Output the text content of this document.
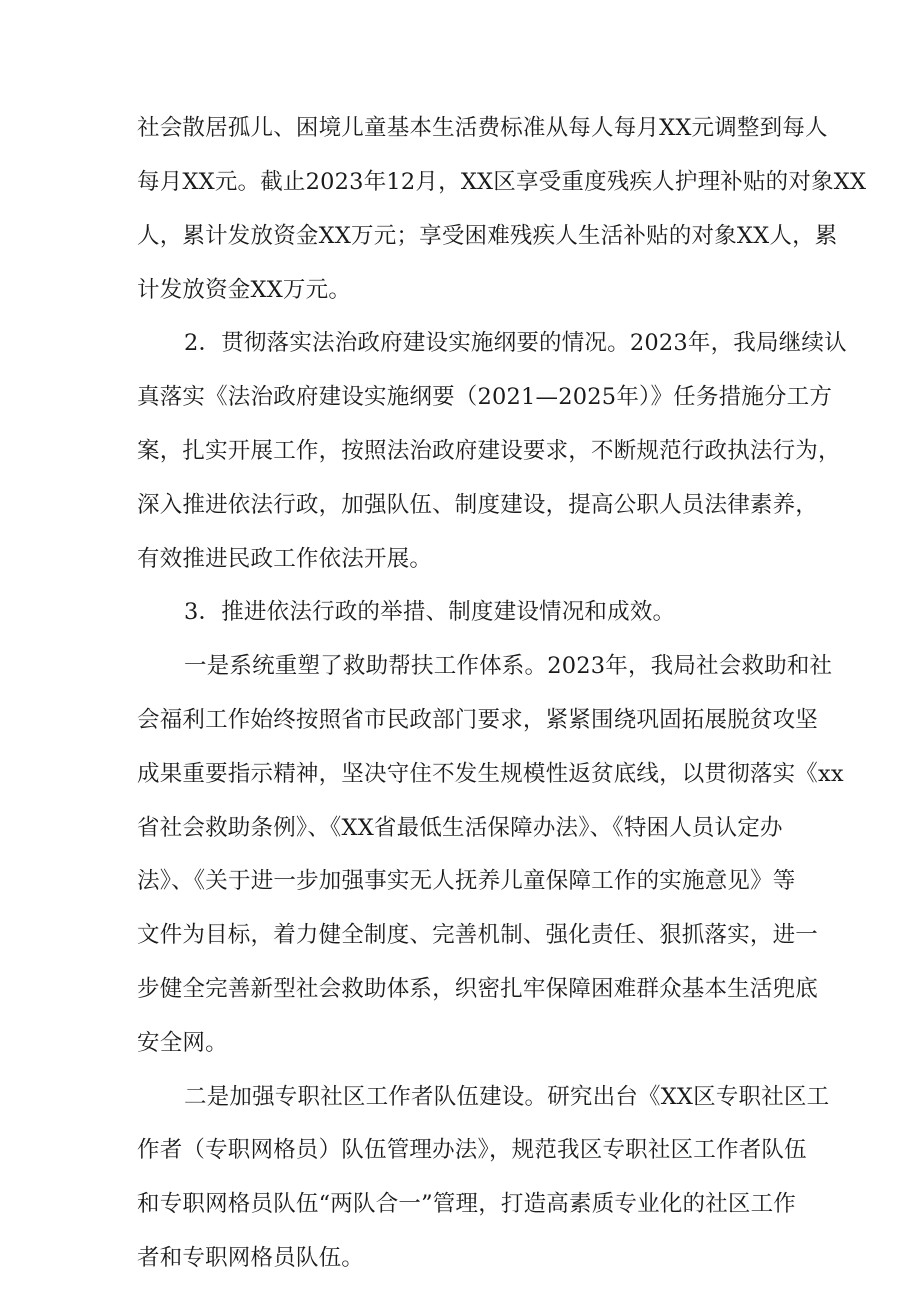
社会散居孤儿、困境儿童基本生活费标准从每人每月XX元调整到每人
每月XX元。截止2023年12月，XX区享受重度残疾人护理补贴的对象XX
人，累计发放资金XX万元；享受困难残疾人生活补贴的对象XX人，累
计发放资金XX万元。
2．贯彻落实法治政府建设实施纲要的情况。2023年，我局继续认
真落实《法治政府建设实施纲要（2021—2025年）》任务措施分工方
案，扎实开展工作，按照法治政府建设要求，不断规范行政执法行为，
深入推进依法行政，加强队伍、制度建设，提高公职人员法律素养，
有效推进民政工作依法开展。
3．推进依法行政的举措、制度建设情况和成效。
一是系统重塑了救助帮扶工作体系。2023年，我局社会救助和社
会福利工作始终按照省市民政部门要求，紧紧围绕巩固拓展脱贫攻坚
成果重要指示精神，坚决守住不发生规模性返贫底线，以贯彻落实《xx
省社会救助条例》、《XX省最低生活保障办法》、《特困人员认定办
法》、《关于进一步加强事实无人抚养儿童保障工作的实施意见》等
文件为目标，着力健全制度、完善机制、强化责任、狠抓落实，进一
步健全完善新型社会救助体系，织密扎牢保障困难群众基本生活兜底
安全网。
二是加强专职社区工作者队伍建设。研究出台《XX区专职社区工
作者（专职网格员）队伍管理办法》，规范我区专职社区工作者队伍
和专职网格员队伍“两队合一”管理，打造高素质专业化的社区工作
者和专职网格员队伍。
